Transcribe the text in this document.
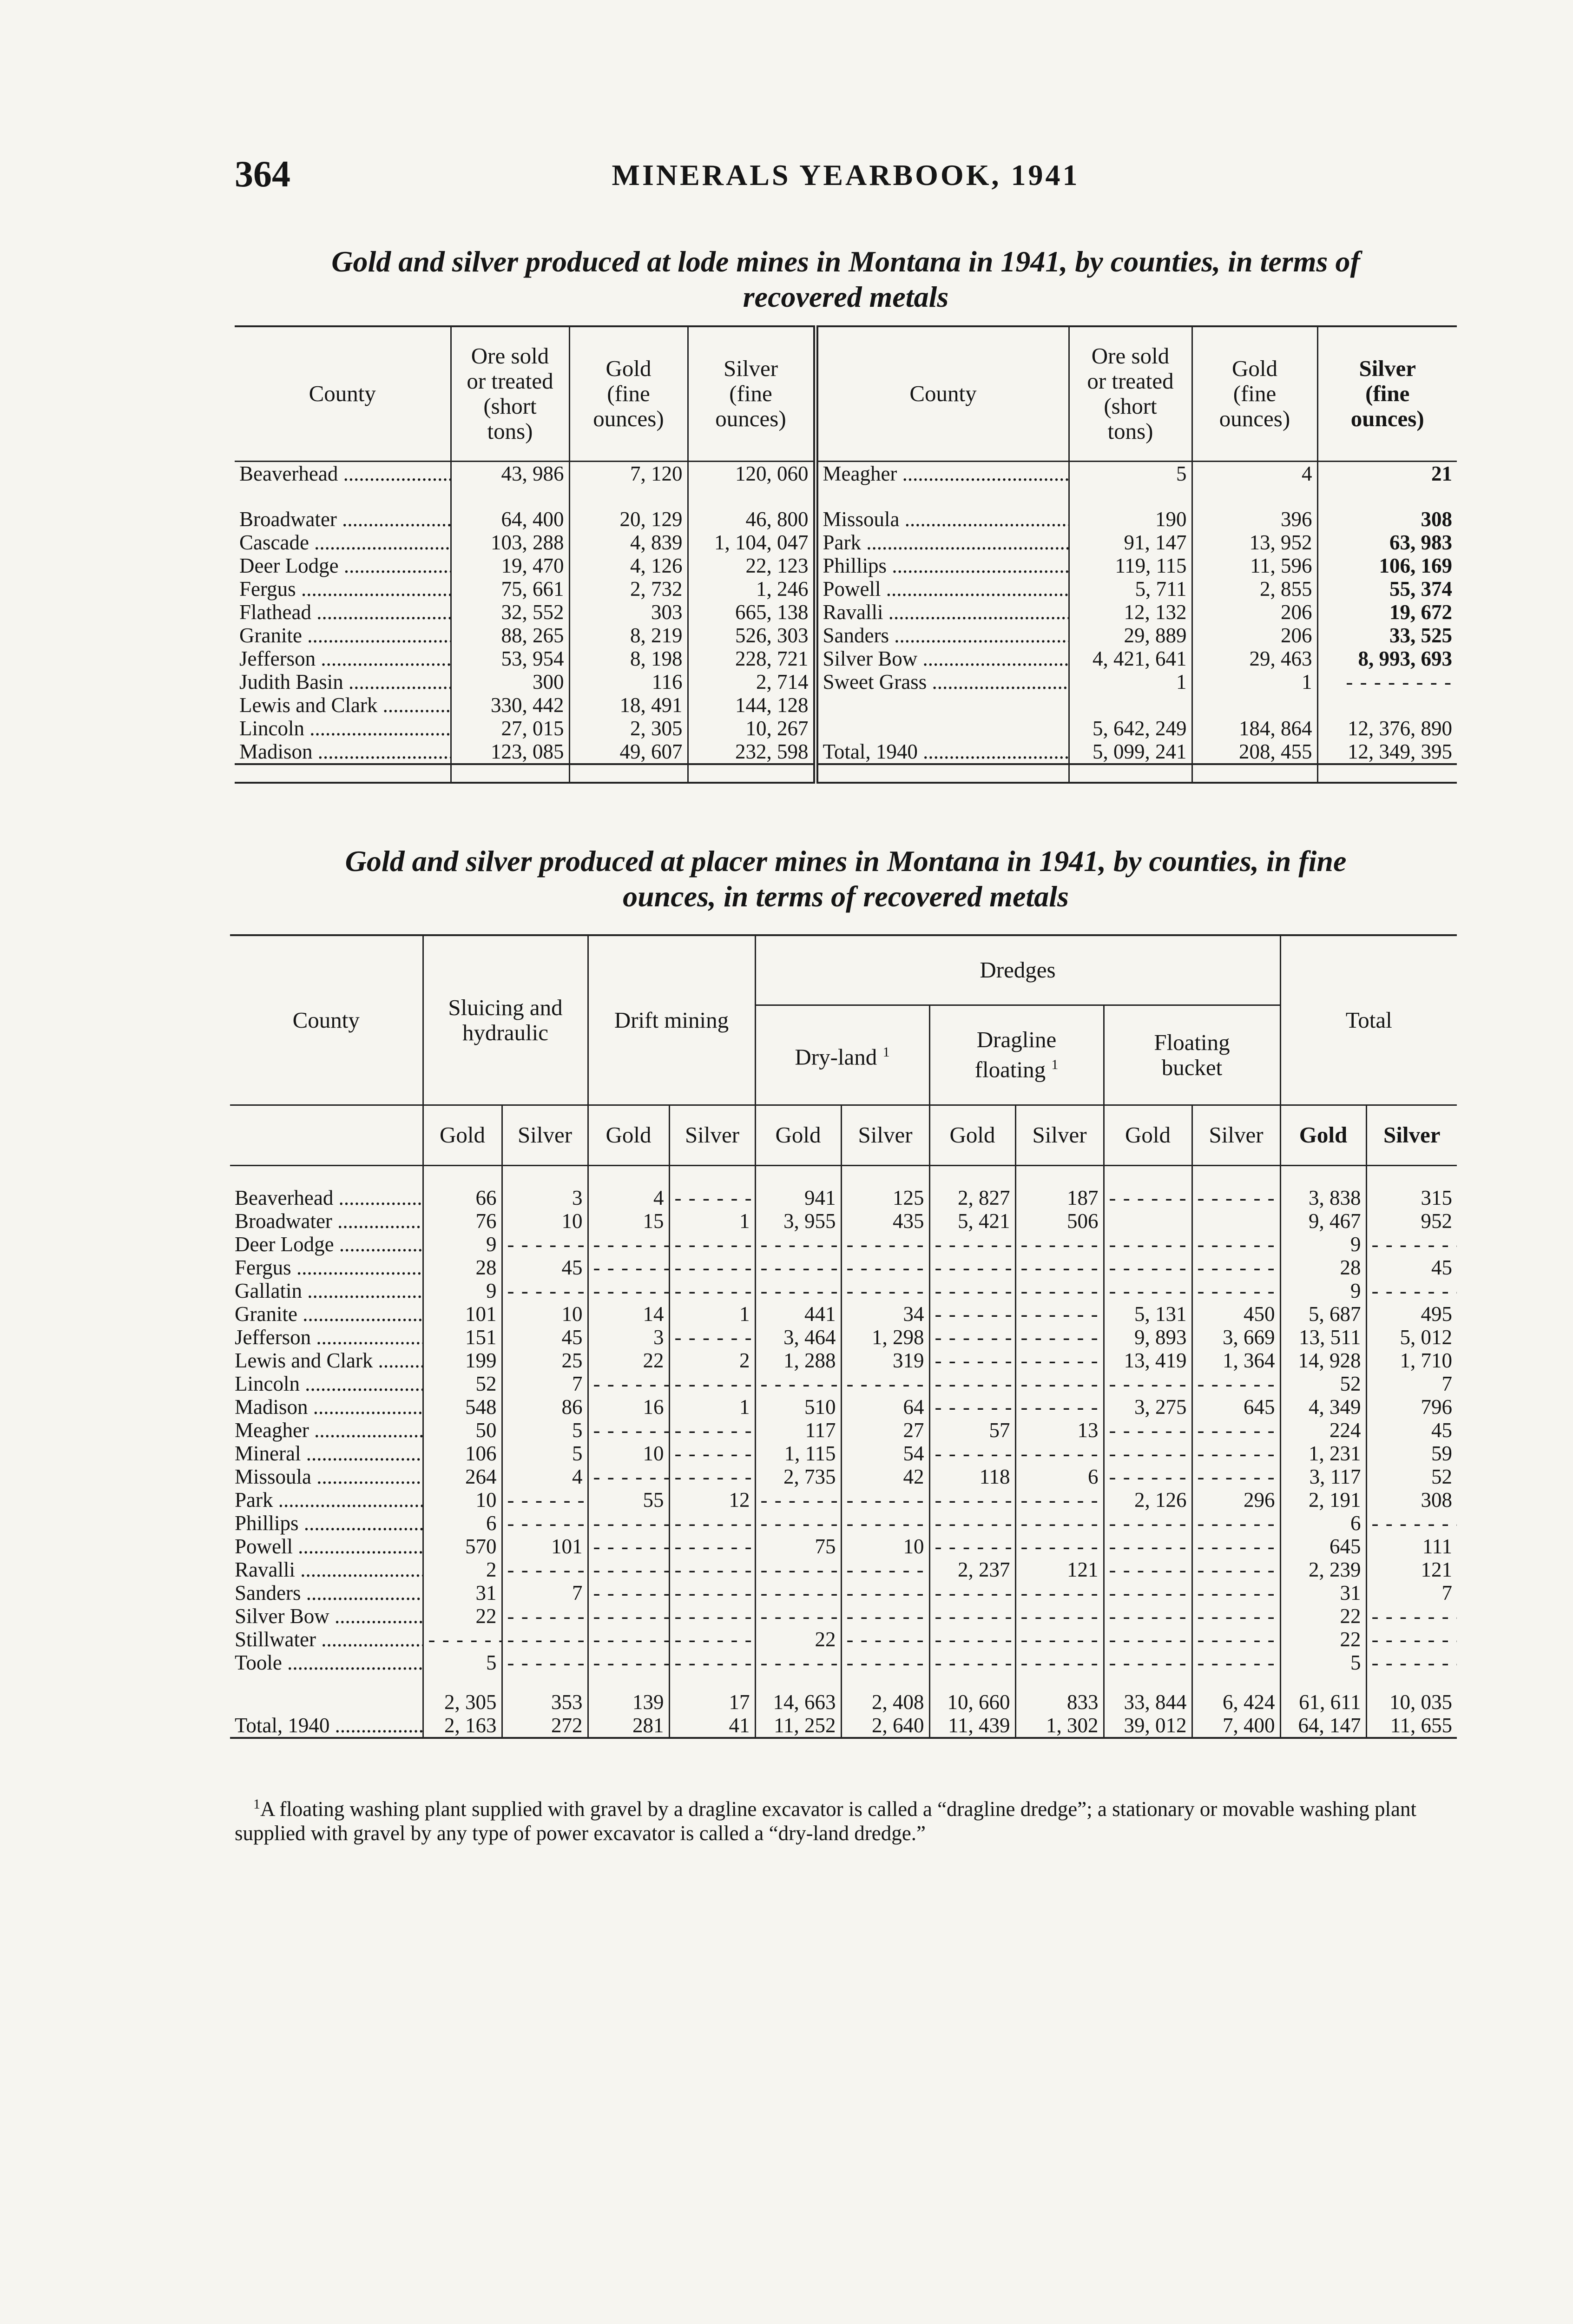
364	MINERALS YEARBOOK, 1941
Gold and silver produced at lode mines in Montana in 1941, by counties, in terms of
recovered metals
County	Ore sold
or treated
(short
tons)	Gold
(fine
ounces)	Silver
(fine
ounces)	County	Ore sold
or treated
(short
tons)	Gold
(fine
ounces)	Silver
(fine
ounces)
Beaverhead .....	43, 986	7, 120	120, 060	Meagher .....	5	4	21
Broadwater .....	64, 400	20, 129	46, 800	Missoula .....	190	396	308
Cascade .....	103, 288	4, 839	1, 104, 047	Park .....	91, 147	13, 952	63, 983
Deer Lodge .....	19, 470	4, 126	22, 123	Phillips .....	119, 115	11, 596	106, 169
Fergus .....	75, 661	2, 732	1, 246	Powell .....	5, 711	2, 855	55, 374
Flathead .....	32, 552	303	665, 138	Ravalli .....	12, 132	206	19, 672
Granite .....	88, 265	8, 219	526, 303	Sanders .....	29, 889	206	33, 525
Jefferson .....	53, 954	8, 198	228, 721	Silver Bow .....	4, 421, 641	29, 463	8, 993, 693
Judith Basin .....	300	116	2, 714	Sweet Grass .....	1	1	- - -
Lewis and Clark .....	330, 442	18, 491	144, 128				
Lincoln .....	27, 015	2, 305	10, 267		5, 642, 249	184, 864	12, 376, 890
Madison .....	123, 085	49, 607	232, 598	Total, 1940 .....	5, 099, 241	208, 455	12, 349, 395

Gold and silver produced at placer mines in Montana in 1941, by counties, in fine
ounces, in terms of recovered metals
County	Sluicing and
hydraulic		Drift mining		Dredges						Total	
					Dry-land $^1$		Dragline
floating $^1$		Floating
bucket			
	Gold	Silver	Gold	Silver	Gold	Silver	Gold	Silver	Gold	Silver	Gold	Silver

Beaverhead .....	66	3	4	- - -	941	125	2, 827	187	- - -	- - -	3, 838	315
Broadwater .....	76	10	15	1	3, 955	435	5, 421	506			9, 467	952
Deer Lodge .....	9	- - -	- - -	- - -	- - -	- - -	- - -	- - -	- - -	- - -	9	- - -
Fergus .....	28	45	- - -	- - -	- - -	- - -	- - -	- - -	- - -	- - -	28	45
Gallatin .....	9	- - -	- - -	- - -	- - -	- - -	- - -	- - -	- - -	- - -	9	- - -
Granite .....	101	10	14	1	441	34	- - -	- - -	5, 131	450	5, 687	495
Jefferson .....	151	45	3	- - -	3, 464	1, 298	- - -	- - -	9, 893	3, 669	13, 511	5, 012
Lewis and Clark .....	199	25	22	2	1, 288	319	- - -	- - -	13, 419	1, 364	14, 928	1, 710
Lincoln .....	52	7	- - -	- - -	- - -	- - -	- - -	- - -	- - -	- - -	52	7
Madison .....	548	86	16	1	510	64	- - -	- - -	3, 275	645	4, 349	796
Meagher .....	50	5	- - -	- - -	117	27	57	13	- - -	- - -	224	45
Mineral .....	106	5	10	- - -	1, 115	54	- - -	- - -	- - -	- - -	1, 231	59
Missoula .....	264	4	- - -	- - -	2, 735	42	118	6	- - -	- - -	3, 117	52
Park .....	10	- - -	55	12	- - -	- - -	- - -	- - -	2, 126	296	2, 191	308
Phillips .....	6	- - -	- - -	- - -	- - -	- - -	- - -	- - -	- - -	- - -	6	- - -
Powell .....	570	101	- - -	- - -	75	10	- - -	- - -	- - -	- - -	645	111
Ravalli .....	2	- - -	- - -	- - -	- - -	- - -	2, 237	121	- - -	- - -	2, 239	121
Sanders .....	31	7	- - -	- - -	- - -	- - -	- - -	- - -	- - -	- - -	31	7
Silver Bow .....	22	- - -	- - -	- - -	- - -	- - -	- - -	- - -	- - -	- - -	22	- - -
Stillwater .....	- - -	- - -	- - -	- - -	22	- - -	- - -	- - -	- - -	- - -	22	- - -
Toole .....	5	- - -	- - -	- - -	- - -	- - -	- - -	- - -	- - -	- - -	5	- - -

	2, 305	353	139	17	14, 663	2, 408	10, 660	833	33, 844	6, 424	61, 611	10, 035
Total, 1940 .....	2, 163	272	281	41	11, 252	2, 640	11, 439	1, 302	39, 012	7, 400	64, 147	11, 655
$^1$A floating washing plant supplied with gravel by a dragline excavator is called a “dragline dredge”; a stationary or movable washing plant supplied with gravel by any type of power excavator is called a “dry-land dredge.”
